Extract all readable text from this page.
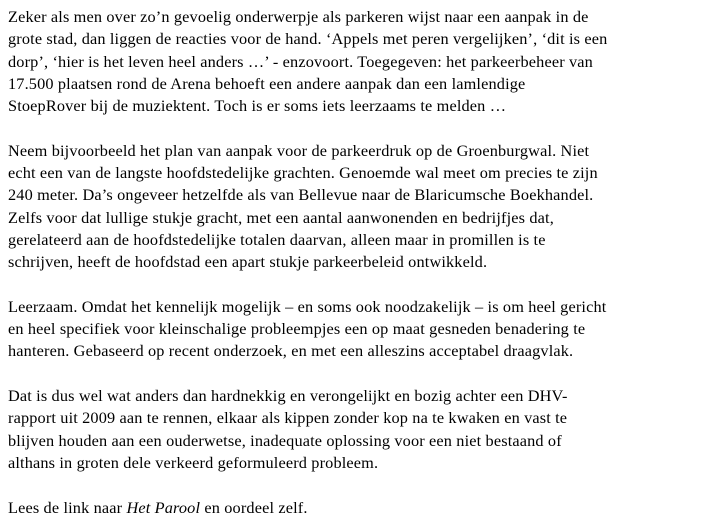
Zeker als men over zo’n gevoelig onderwerpje als parkeren wijst naar een aanpak in de
grote stad, dan liggen de reacties voor de hand. ‘Appels met peren vergelijken’, ‘dit is een
dorp’, ‘hier is het leven heel anders …’ - enzovoort. Toegegeven: het parkeerbeheer van
17.500 plaatsen rond de Arena behoeft een andere aanpak dan een lamlendige
StoepRover bij de muziektent. Toch is er soms iets leerzaams te melden …
Neem bijvoorbeeld het plan van aanpak voor de parkeerdruk op de Groenburgwal. Niet
echt een van de langste hoofdstedelijke grachten. Genoemde wal meet om precies te zijn
240 meter. Da’s ongeveer hetzelfde als van Bellevue naar de Blaricumsche Boekhandel.
Zelfs voor dat lullige stukje gracht, met een aantal aanwonenden en bedrijfjes dat,
gerelateerd aan de hoofdstedelijke totalen daarvan, alleen maar in promillen is te
schrijven, heeft de hoofdstad een apart stukje parkeerbeleid ontwikkeld.
Leerzaam. Omdat het kennelijk mogelijk – en soms ook noodzakelijk – is om heel gericht
en heel specifiek voor kleinschalige probleempjes een op maat gesneden benadering te
hanteren. Gebaseerd op recent onderzoek, en met een alleszins acceptabel draagvlak.
Dat is dus wel wat anders dan hardnekkig en verongelijkt en bozig achter een DHV-
rapport uit 2009 aan te rennen, elkaar als kippen zonder kop na te kwaken en vast te
blijven houden aan een ouderwetse, inadequate oplossing voor een niet bestaand of
althans in groten dele verkeerd geformuleerd probleem.
Lees de link naar Het Parool en oordeel zelf.
